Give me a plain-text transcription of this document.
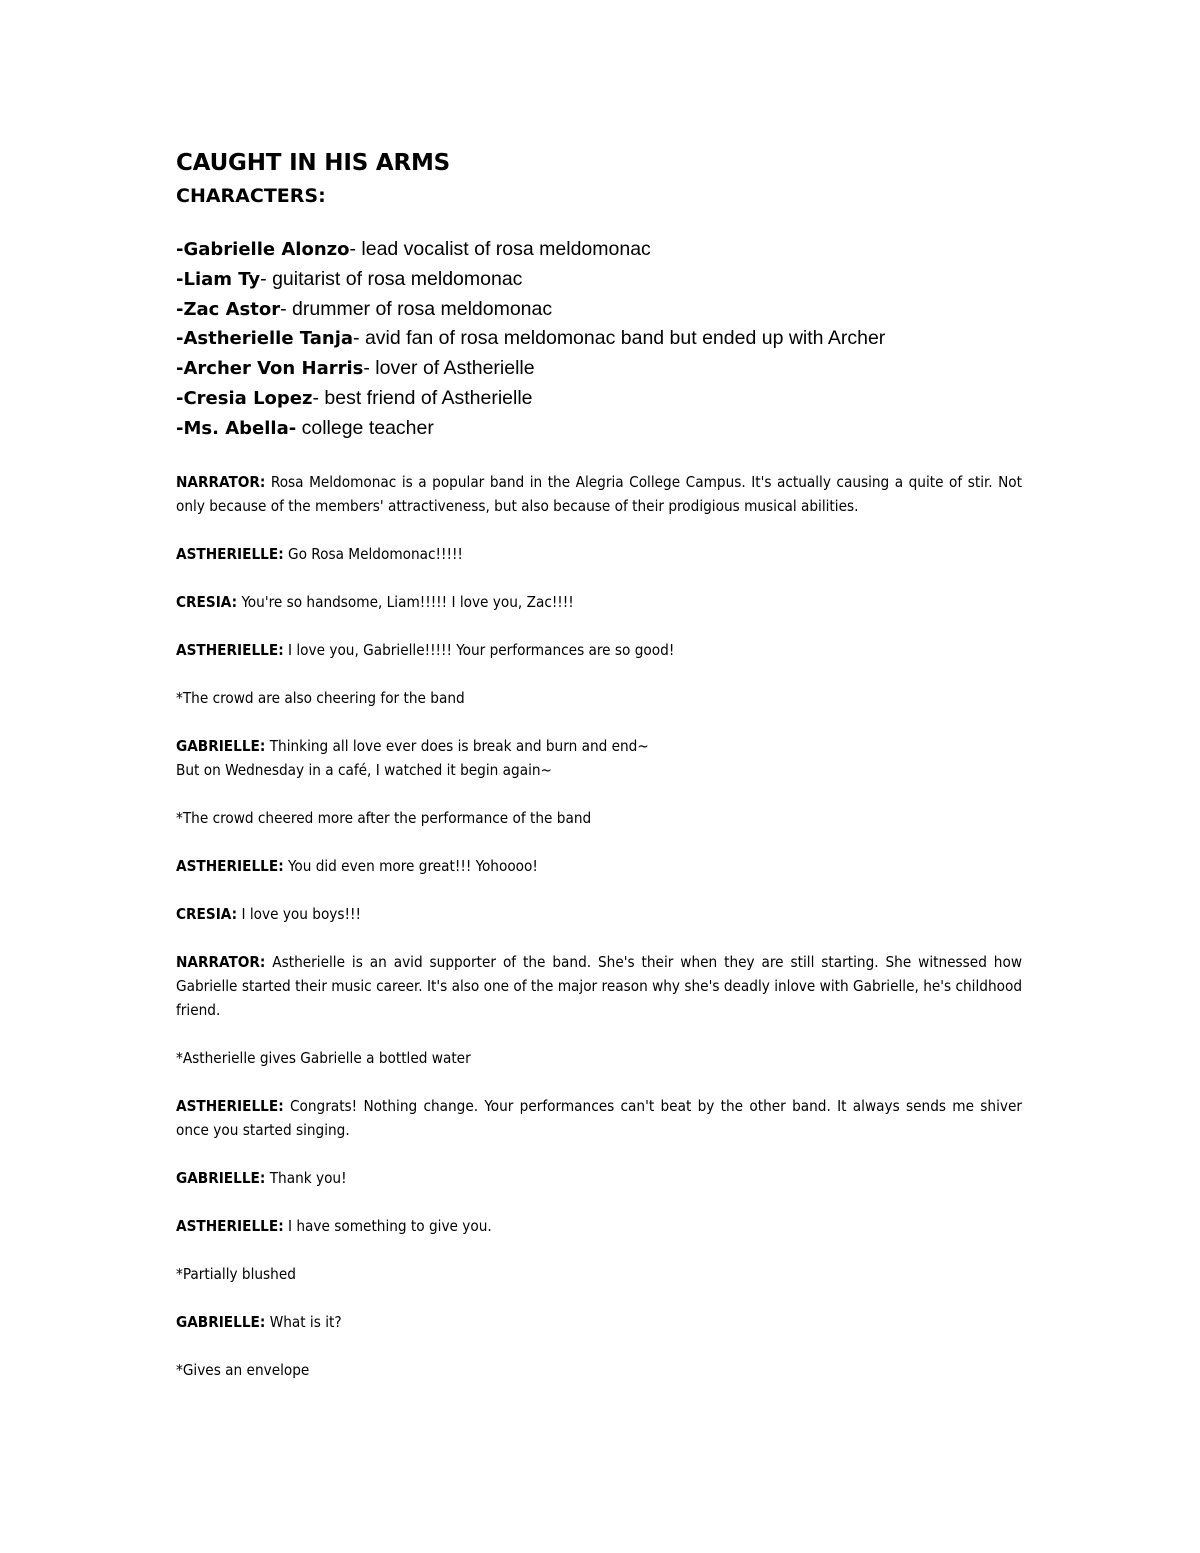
CAUGHT IN HIS ARMS
CHARACTERS:
-Gabrielle Alonzo- lead vocalist of rosa meldomonac
-Liam Ty- guitarist of rosa meldomonac
-Zac Astor- drummer of rosa meldomonac
-Astherielle Tanja- avid fan of rosa meldomonac band but ended up with Archer
-Archer Von Harris- lover of Astherielle
-Cresia Lopez- best friend of Astherielle
-Ms. Abella- college teacher

NARRATOR: Rosa Meldomonac is a popular band in the Alegria College Campus. It's actually causing a quite of stir. Not only because of the members' attractiveness, but also because of their prodigious musical abilities.

ASTHERIELLE: Go Rosa Meldomonac!!!!!

CRESIA: You're so handsome, Liam!!!!! I love you, Zac!!!!

ASTHERIELLE: I love you, Gabrielle!!!!! Your performances are so good!

*The crowd are also cheering for the band

GABRIELLE: Thinking all love ever does is break and burn and end~
But on Wednesday in a café, I watched it begin again~

*The crowd cheered more after the performance of the band

ASTHERIELLE: You did even more great!!! Yohoooo!

CRESIA: I love you boys!!!

NARRATOR: Astherielle is an avid supporter of the band. She's their when they are still starting. She witnessed how Gabrielle started their music career. It's also one of the major reason why she's deadly inlove with Gabrielle, he's childhood friend.

*Astherielle gives Gabrielle a bottled water

ASTHERIELLE: Congrats! Nothing change. Your performances can't beat by the other band. It always sends me shiver once you started singing.

GABRIELLE: Thank you!

ASTHERIELLE: I have something to give you.

*Partially blushed

GABRIELLE: What is it?

*Gives an envelope
